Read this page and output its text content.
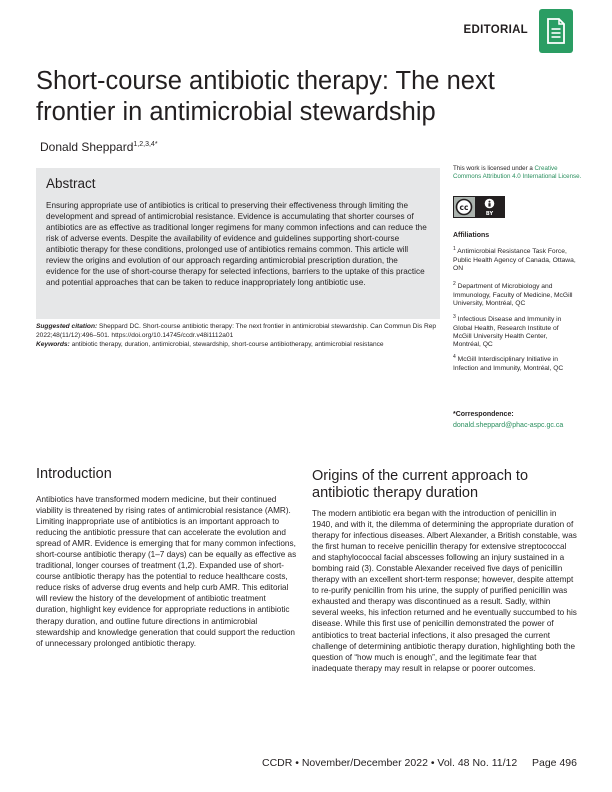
EDITORIAL
Short-course antibiotic therapy: The next frontier in antimicrobial stewardship
Donald Sheppard$^{1,2,3,4*}$
Abstract
Ensuring appropriate use of antibiotics is critical to preserving their effectiveness through limiting the development and spread of antimicrobial resistance. Evidence is accumulating that shorter courses of antibiotics are as effective as traditional longer regimens for many common infections and can reduce the risk of adverse events. Despite the availability of evidence and guidelines supporting short-course antibiotic therapy for these conditions, prolonged use of antibiotics remains common. This article will review the origins and evolution of our approach regarding antimicrobial prescription duration, the evidence for the use of short-course therapy for selected infections, barriers to the uptake of this practice and potential approaches that can be taken to reduce inappropriately long antibiotic use.
Suggested citation: Sheppard DC. Short-course antibiotic therapy: The next frontier in antimicrobial stewardship. Can Commun Dis Rep 2022;48(11/12):496–501. https://doi.org/10.14745/ccdr.v48i1112a01
Keywords: antibiotic therapy, duration, antimicrobial, stewardship, short-course antibiotherapy, antimicrobial resistance
This work is licensed under a Creative Commons Attribution 4.0 International License.
cc
BY
Affiliations
$^1$ Antimicrobial Resistance Task Force, Public Health Agency of Canada, Ottawa, ON
$^2$ Department of Microbiology and Immunology, Faculty of Medicine, McGill University, Montréal, QC
$^3$ Infectious Disease and Immunity in Global Health, Research Institute of McGill University Health Center, Montréal, QC
$^4$ McGill Interdisciplinary Initiative in Infection and Immunity, Montréal, QC
*Correspondence:
donald.sheppard@phac-aspc.gc.ca
Introduction
Antibiotics have transformed modern medicine, but their continued viability is threatened by rising rates of antimicrobial resistance (AMR). Limiting inappropriate use of antibiotics is an important approach to reducing the antibiotic pressure that can accelerate the evolution and spread of AMR. Evidence is emerging that for many common infections, short-course antibiotic therapy (1–7 days) can be equally as effective as traditional, longer courses of treatment (1,2). Expanded use of short-course antibiotic therapy has the potential to reduce healthcare costs, reduce risks of adverse drug events and help curb AMR. This editorial will review the history of the development of antibiotic treatment duration, highlight key evidence for appropriate reductions in antibiotic therapy duration, and outline future directions in antimicrobial stewardship and knowledge generation that could support the reduction of unnecessary prolonged antibiotic therapy.
Origins of the current approach to antibiotic therapy duration
The modern antibiotic era began with the introduction of penicillin in 1940, and with it, the dilemma of determining the appropriate duration of therapy for infectious diseases. Albert Alexander, a British constable, was the first human to receive penicillin therapy for extensive streptococcal and staphylococcal facial abscesses following an injury sustained in a bombing raid (3). Constable Alexander received five days of penicillin therapy with an excellent short-term response; however, despite attempt to re-purify penicillin from his urine, the supply of purified penicillin was exhausted and therapy was discontinued as a result. Sadly, within several weeks, his infection returned and he eventually succumbed to his disease. While this first use of penicillin demonstrated the power of antibiotics to treat bacterial infections, it also presaged the current challenge of determining antibiotic therapy duration, highlighting both the question of “how much is enough”, and the legitimate fear that inadequate therapy may result in relapse or poorer outcomes.
CCDR • November/December 2022 • Vol. 48 No. 11/12 Page 496
